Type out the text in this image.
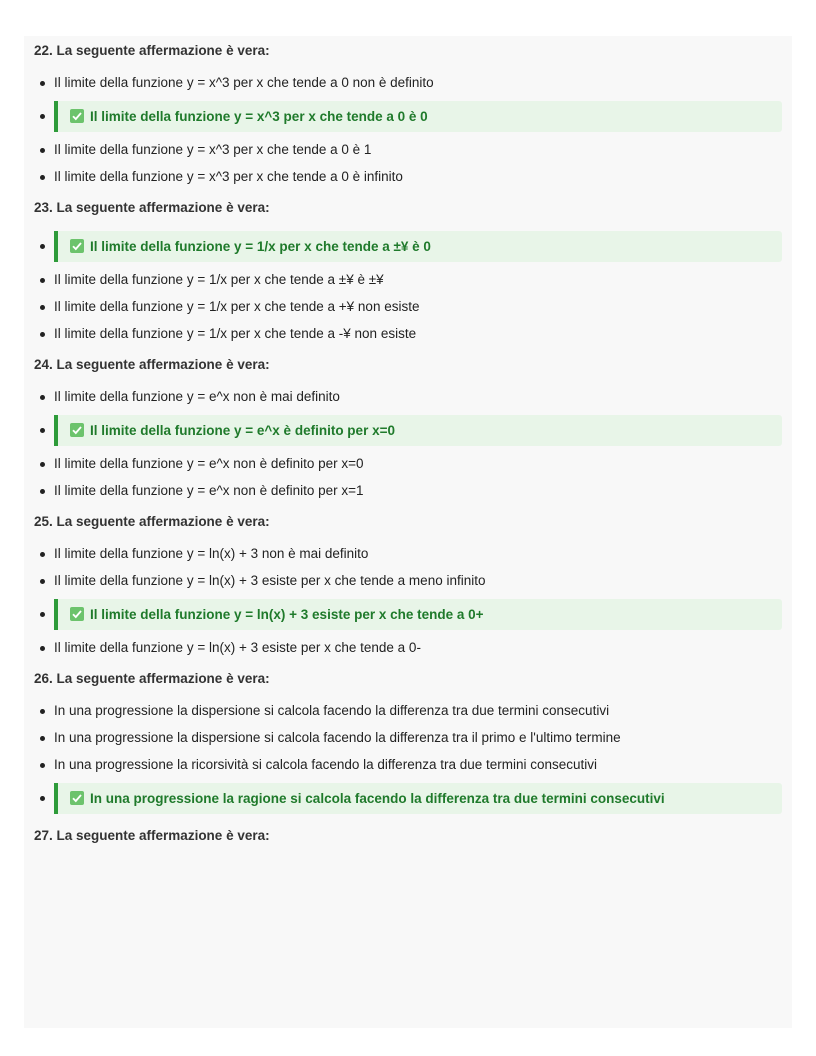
22. La seguente affermazione è vera:
Il limite della funzione y = x^3 per x che tende a 0 non è definito
Il limite della funzione y = x^3 per x che tende a 0 è 0
Il limite della funzione y = x^3 per x che tende a 0 è 1
Il limite della funzione y = x^3 per x che tende a 0 è infinito
23. La seguente affermazione è vera:
Il limite della funzione y = 1/x per x che tende a ±¥ è 0
Il limite della funzione y = 1/x per x che tende a ±¥ è ±¥
Il limite della funzione y = 1/x per x che tende a +¥ non esiste
Il limite della funzione y = 1/x per x che tende a -¥ non esiste
24. La seguente affermazione è vera:
Il limite della funzione y = e^x non è mai definito
Il limite della funzione y = e^x è definito per x=0
Il limite della funzione y = e^x non è definito per x=0
Il limite della funzione y = e^x non è definito per x=1
25. La seguente affermazione è vera:
Il limite della funzione y = ln(x) + 3 non è mai definito
Il limite della funzione y = ln(x) + 3 esiste per x che tende a meno infinito
Il limite della funzione y = ln(x) + 3 esiste per x che tende a 0+
Il limite della funzione y = ln(x) + 3 esiste per x che tende a 0-
26. La seguente affermazione è vera:
In una progressione la dispersione si calcola facendo la differenza tra due termini consecutivi
In una progressione la dispersione si calcola facendo la differenza tra il primo e l'ultimo termine
In una progressione la ricorsività si calcola facendo la differenza tra due termini consecutivi
In una progressione la ragione si calcola facendo la differenza tra due termini consecutivi
27. La seguente affermazione è vera:
